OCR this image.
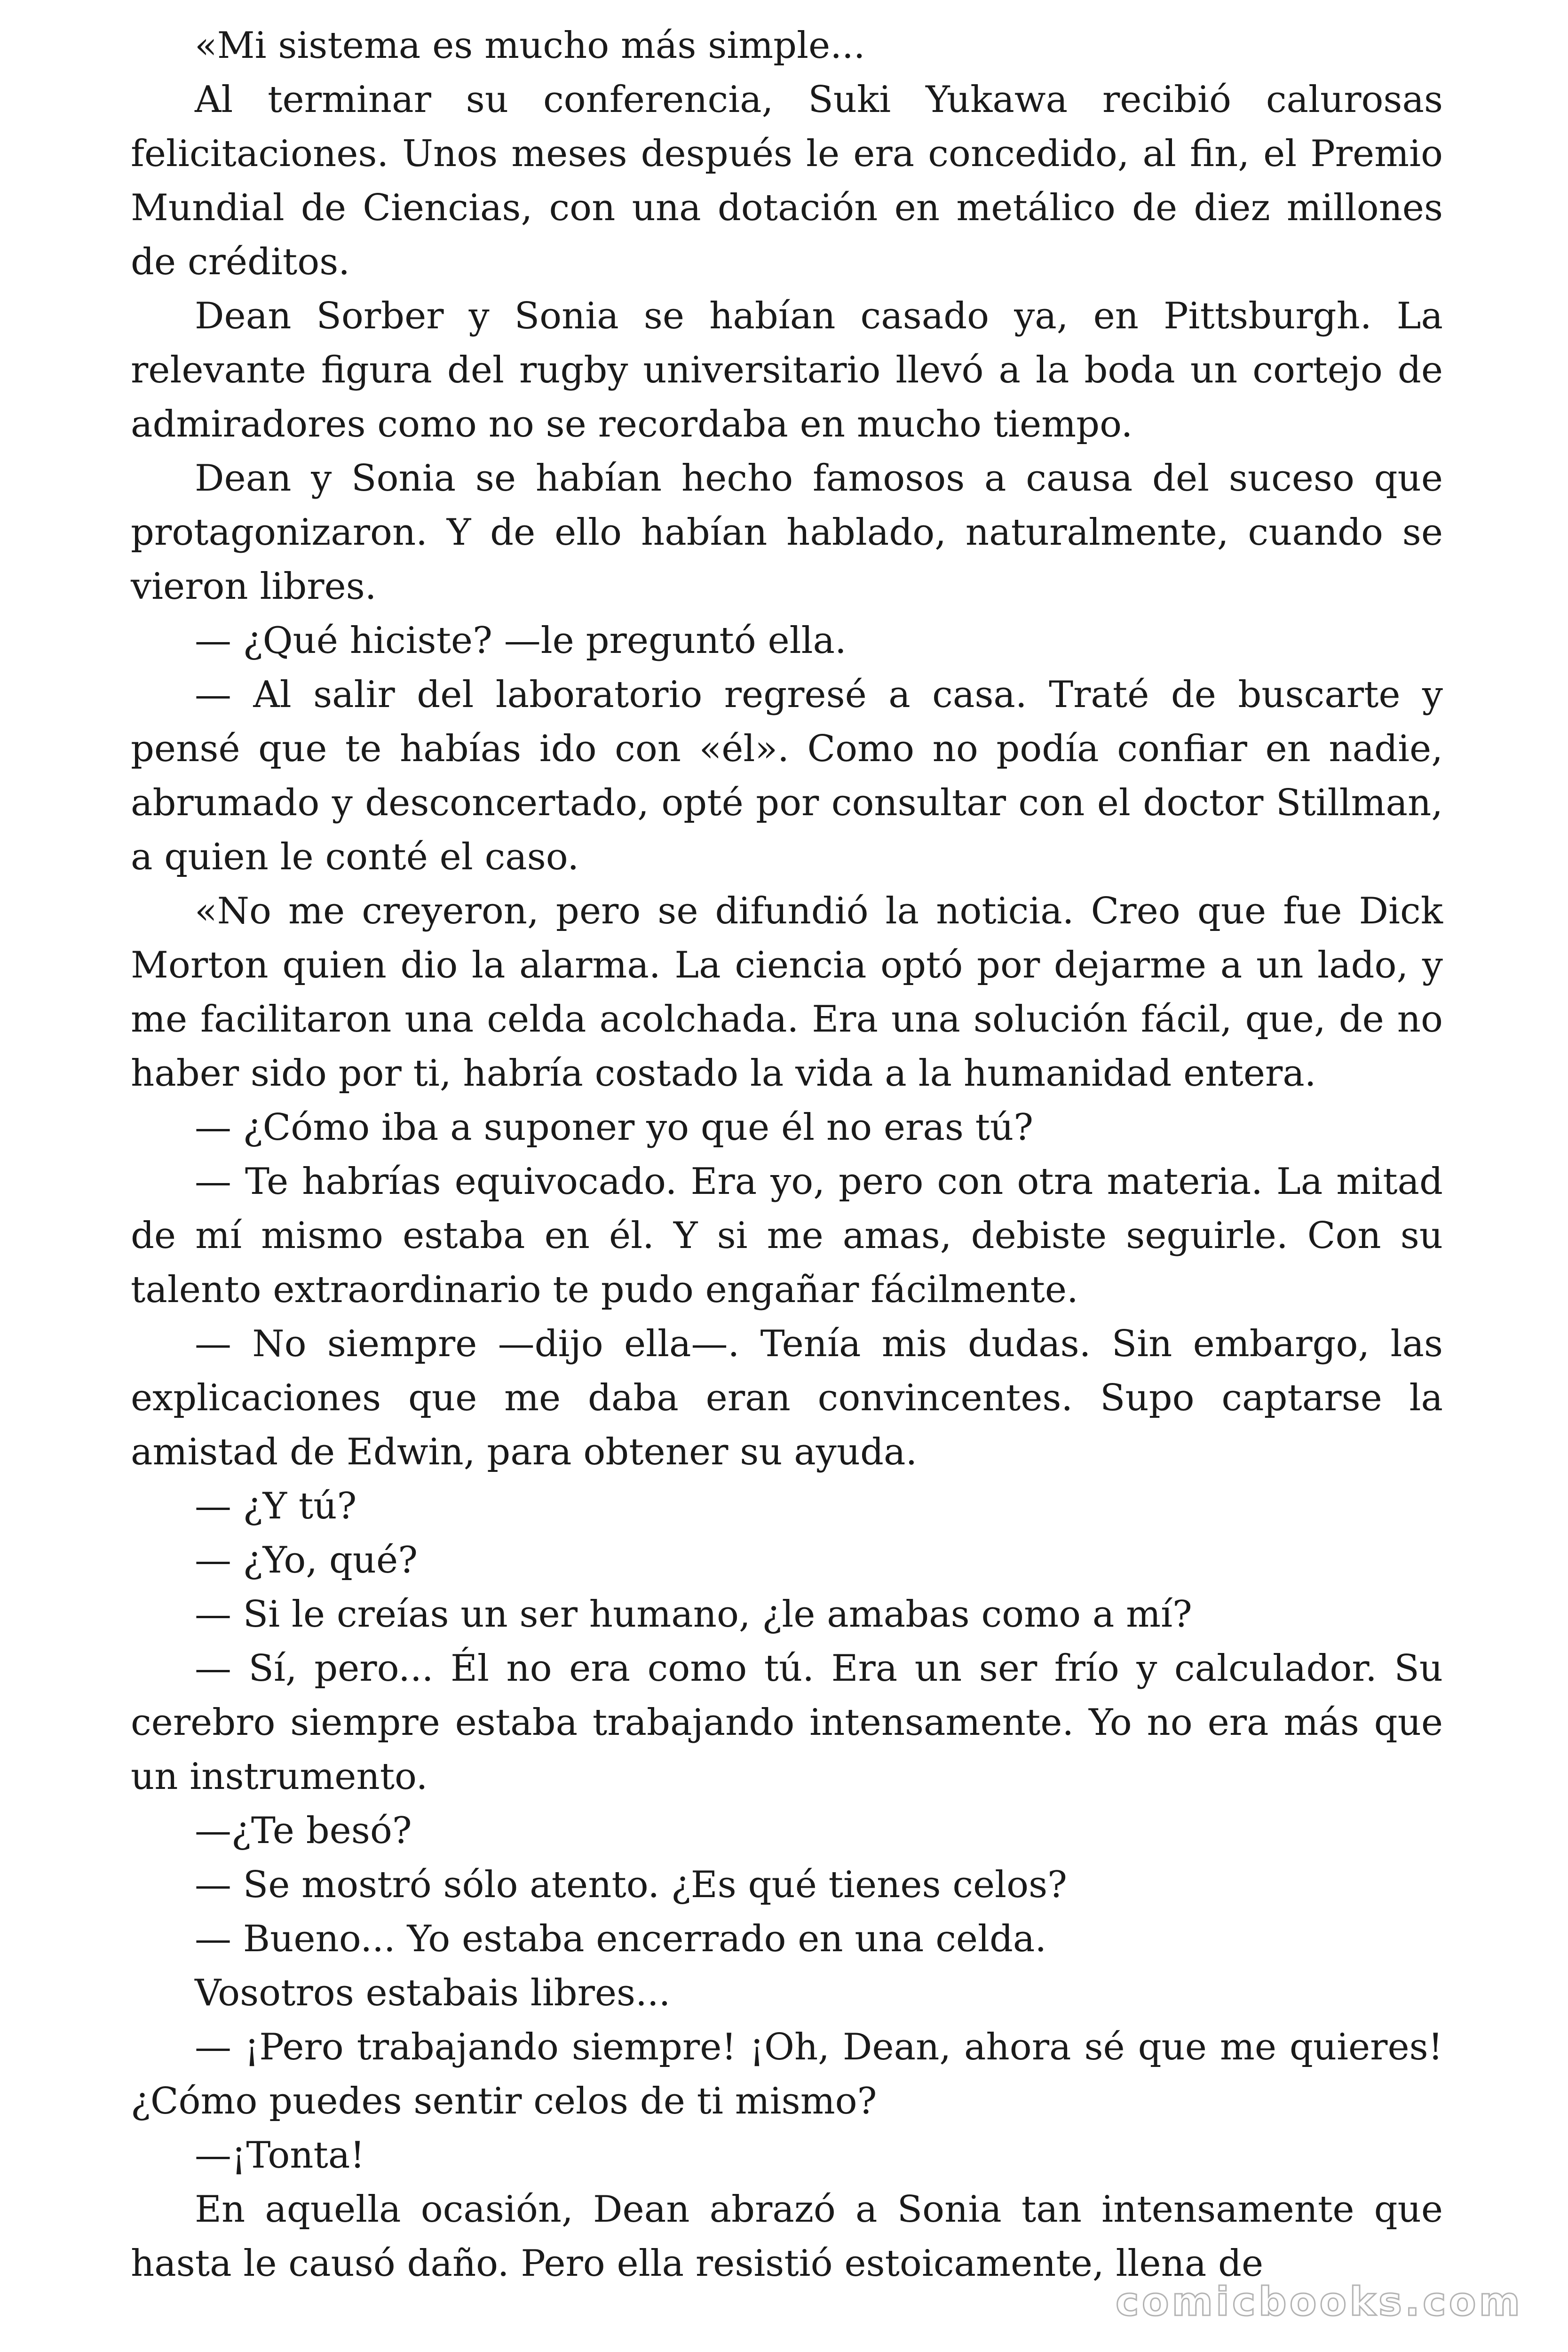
«Mi sistema es mucho más simple...

Al terminar su conferencia, Suki Yukawa recibió calurosas felicitaciones. Unos meses después le era concedido, al fin, el Premio Mundial de Ciencias, con una dotación en metálico de diez millones de créditos.

Dean Sorber y Sonia se habían casado ya, en Pittsburgh. La relevante figura del rugby universitario llevó a la boda un cortejo de admiradores como no se recordaba en mucho tiempo.

Dean y Sonia se habían hecho famosos a causa del suceso que protagonizaron. Y de ello habían hablado, naturalmente, cuando se vieron libres.

— ¿Qué hiciste? —le preguntó ella.

— Al salir del laboratorio regresé a casa. Traté de buscarte y pensé que te habías ido con «él». Como no podía confiar en nadie, abrumado y desconcertado, opté por consultar con el doctor Stillman, a quien le conté el caso.

«No me creyeron, pero se difundió la noticia. Creo que fue Dick Morton quien dio la alarma. La ciencia optó por dejarme a un lado, y me facilitaron una celda acolchada. Era una solución fácil, que, de no haber sido por ti, habría costado la vida a la humanidad entera.

— ¿Cómo iba a suponer yo que él no eras tú?

— Te habrías equivocado. Era yo, pero con otra materia. La mitad de mí mismo estaba en él. Y si me amas, debiste seguirle. Con su talento extraordinario te pudo engañar fácilmente.

— No siempre —dijo ella—. Tenía mis dudas. Sin embargo, las explicaciones que me daba eran convincentes. Supo captarse la amistad de Edwin, para obtener su ayuda.

— ¿Y tú?

— ¿Yo, qué?

— Si le creías un ser humano, ¿le amabas como a mí?

— Sí, pero... Él no era como tú. Era un ser frío y calculador. Su cerebro siempre estaba trabajando intensamente. Yo no era más que un instrumento.

—¿Te besó?

— Se mostró sólo atento. ¿Es qué tienes celos?

— Bueno... Yo estaba encerrado en una celda.

Vosotros estabais libres...

— ¡Pero trabajando siempre! ¡Oh, Dean, ahora sé que me quieres! ¿Cómo puedes sentir celos de ti mismo?

—¡Tonta!

En aquella ocasión, Dean abrazó a Sonia tan intensamente que hasta le causó daño. Pero ella resistió estoicamente, llena de

comicbooks.com
